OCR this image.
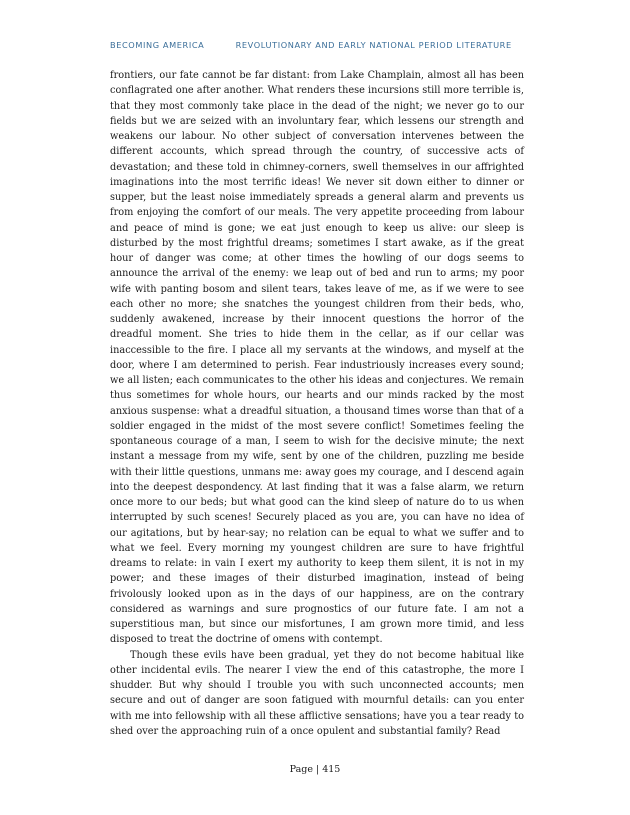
BECOMING AMERICA	REVOLUTIONARY AND EARLY NATIONAL PERIOD LITERATURE

frontiers, our fate cannot be far distant: from Lake Champlain, almost all has been conflagrated one after another. What renders these incursions still more terrible is, that they most commonly take place in the dead of the night; we never go to our fields but we are seized with an involuntary fear, which lessens our strength and weakens our labour. No other subject of conversation intervenes between the different accounts, which spread through the country, of successive acts of devastation; and these told in chimney-corners, swell themselves in our affrighted imaginations into the most terrific ideas! We never sit down either to dinner or supper, but the least noise immediately spreads a general alarm and prevents us from enjoying the comfort of our meals. The very appetite proceeding from labour and peace of mind is gone; we eat just enough to keep us alive: our sleep is disturbed by the most frightful dreams; sometimes I start awake, as if the great hour of danger was come; at other times the howling of our dogs seems to announce the arrival of the enemy: we leap out of bed and run to arms; my poor wife with panting bosom and silent tears, takes leave of me, as if we were to see each other no more; she snatches the youngest children from their beds, who, suddenly awakened, increase by their innocent questions the horror of the dreadful moment. She tries to hide them in the cellar, as if our cellar was inaccessible to the fire. I place all my servants at the windows, and myself at the door, where I am determined to perish. Fear industriously increases every sound; we all listen; each communicates to the other his ideas and conjectures. We remain thus sometimes for whole hours, our hearts and our minds racked by the most anxious suspense: what a dreadful situation, a thousand times worse than that of a soldier engaged in the midst of the most severe conflict! Sometimes feeling the spontaneous courage of a man, I seem to wish for the decisive minute; the next instant a message from my wife, sent by one of the children, puzzling me beside with their little questions, unmans me: away goes my courage, and I descend again into the deepest despondency. At last finding that it was a false alarm, we return once more to our beds; but what good can the kind sleep of nature do to us when interrupted by such scenes! Securely placed as you are, you can have no idea of our agitations, but by hear-say; no relation can be equal to what we suffer and to what we feel. Every morning my youngest children are sure to have frightful dreams to relate: in vain I exert my authority to keep them silent, it is not in my power; and these images of their disturbed imagination, instead of being frivolously looked upon as in the days of our happiness, are on the contrary considered as warnings and sure prognostics of our future fate. I am not a superstitious man, but since our misfortunes, I am grown more timid, and less disposed to treat the doctrine of omens with contempt.

Though these evils have been gradual, yet they do not become habitual like other incidental evils. The nearer I view the end of this catastrophe, the more I shudder. But why should I trouble you with such unconnected accounts; men secure and out of danger are soon fatigued with mournful details: can you enter with me into fellowship with all these afflictive sensations; have you a tear ready to shed over the approaching ruin of a once opulent and substantial family? Read

Page | 415
